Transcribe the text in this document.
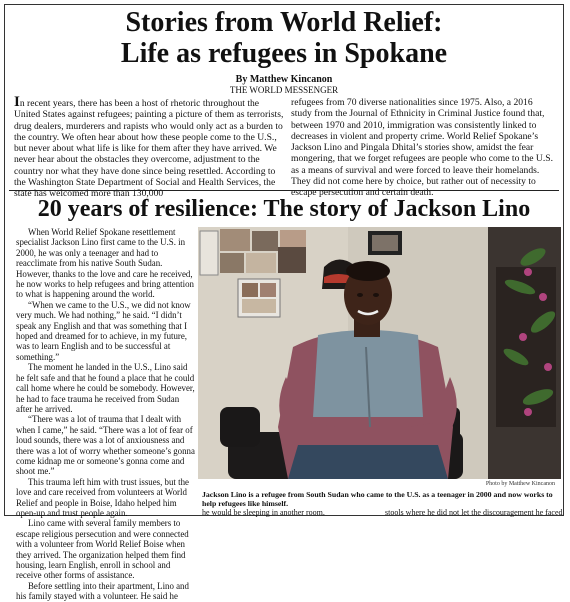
Stories from World Relief:
Life as refugees in Spokane
By Matthew Kincanon
THE WORLD MESSENGER
In recent years, there has been a host of rhetoric throughout the United States against refugees; painting a picture of them as terrorists, drug dealers, murderers and rapists who would only act as a burden to the country. We often hear about how these people come to the U.S., but never about what life is like for them after they have arrived. We never hear about the obstacles they overcome, adjustment to the country nor what they have done since being resettled. According to the Washington State Department of Social and Health Services, the state has welcomed more than 130,000
refugees from 70 diverse nationalities since 1975. Also, a 2016 study from the Journal of Ethnicity in Criminal Justice found that, between 1970 and 2010, immigration was consistently linked to decreases in violent and property crime. World Relief Spokane’s Jackson Lino and Pingala Dhital’s stories show, amidst the fear mongering, that we forget refugees are people who come to the U.S. as a means of survival and were forced to leave their homelands. They did not come here by choice, but rather out of necessity to escape persecution and certain death.
20 years of resilience: The story of Jackson Lino

When World Relief Spokane resettlement specialist Jackson Lino first came to the U.S. in 2000, he was only a teenager and had to reacclimate from his native South Sudan. However, thanks to the love and care he received, he now works to help refugees and bring attention to what is happening around the world.

“When we came to the U.S., we did not know very much. We had nothing,” he said. “I didn’t speak any English and that was something that I hoped and dreamed for to achieve, in my future, was to learn English and to be successful at something.”

The moment he landed in the U.S., Lino said he felt safe and that he found a place that he could call home where he could be somebody. However, he had to face trauma he received from Sudan after he arrived.

“There was a lot of trauma that I dealt with when I came,” he said. “There was a lot of fear of loud sounds, there was a lot of anxiousness and there was a lot of worry whether someone’s gonna come kidnap me or someone’s gonna come and shoot me.”

This trauma left him with trust issues, but the love and care received from volunteers at World Relief and people in Boise, Idaho helped him open-up and trust people again.

Lino came with several family members to escape religious persecution and were connected with a volunteer from World Relief Boise when they arrived. The organization helped them find housing, learn English, enroll in school and receive other forms of assistance.

Before settling into their apartment, Lino and his family stayed with a volunteer. He said he

Photo by Matthew Kincanon
Jackson Lino is a refugee from South Sudan who came to the U.S. as a teenager in 2000 and now works to help refugees like himself.
he would be sleeping in another room.	stools where he did not let the discouragement he faced
